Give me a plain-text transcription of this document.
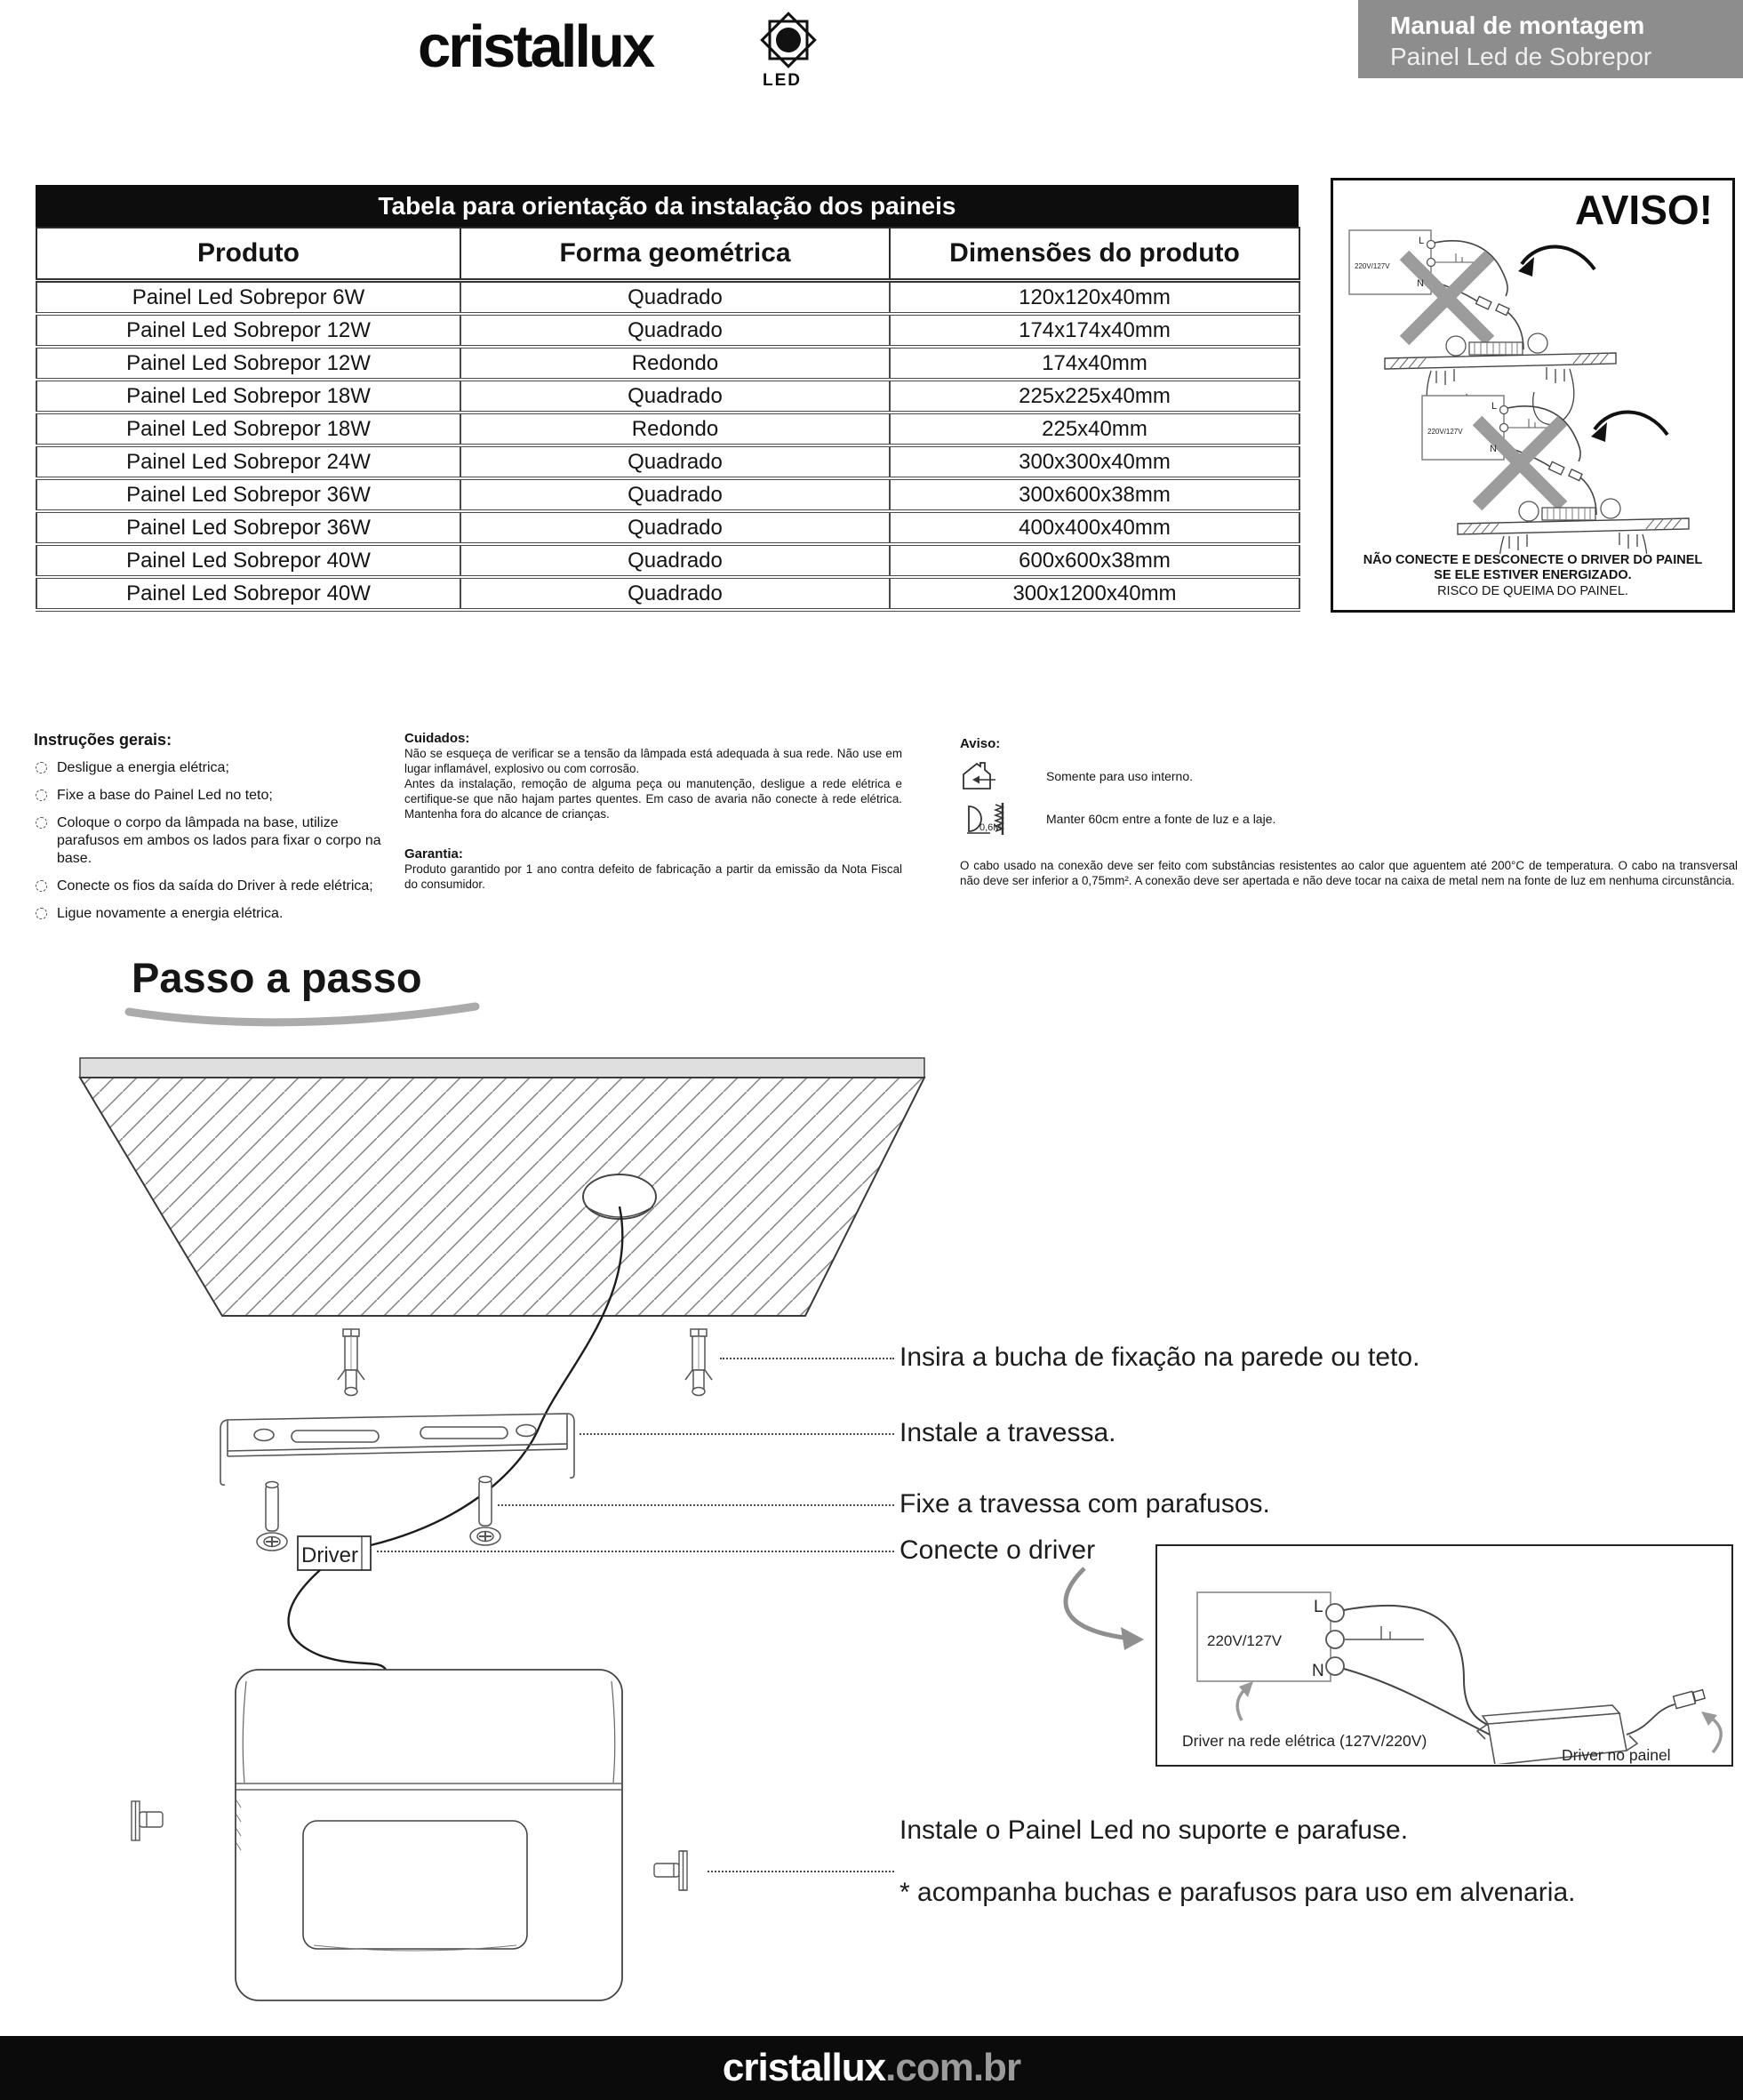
cristallux
LED
Manual de montagem
Painel Led de Sobrepor
Tabela para orientação da instalação dos paineis
Produto	Forma geométrica	Dimensões do produto
Painel Led Sobrepor 6W	Quadrado	120x120x40mm
Painel Led Sobrepor 12W	Quadrado	174x174x40mm
Painel Led Sobrepor 12W	Redondo	174x40mm
Painel Led Sobrepor 18W	Quadrado	225x225x40mm
Painel Led Sobrepor 18W	Redondo	225x40mm
Painel Led Sobrepor 24W	Quadrado	300x300x40mm
Painel Led Sobrepor 36W	Quadrado	300x600x38mm
Painel Led Sobrepor 36W	Quadrado	400x400x40mm
Painel Led Sobrepor 40W	Quadrado	600x600x38mm
Painel Led Sobrepor 40W	Quadrado	300x1200x40mm
AVISO!
220V/127V
L
N
220V/127V
L
N
NÃO CONECTE E DESCONECTE O DRIVER DO PAINEL SE ELE ESTIVER ENERGIZADO.
RISCO DE QUEIMA DO PAINEL.
Instruções gerais:
Desligue a energia elétrica;
Fixe a base do Painel Led no teto;
Coloque o corpo da lâmpada na base, utilize parafusos em ambos os lados para fixar o corpo na base.
Conecte os fios da saída do Driver à rede elétrica;
Ligue novamente a energia elétrica.
Cuidados:
Não se esqueça de verificar se a tensão da lâmpada está adequada à sua rede. Não use em lugar inflamável, explosivo ou com corrosão.
Antes da instalação, remoção de alguma peça ou manutenção, desligue a rede elétrica e certifique-se que não hajam partes quentes. Em caso de avaria não conecte à rede elétrica. Mantenha fora do alcance de crianças.
Garantia:
Produto garantido por 1 ano contra defeito de fabricação a partir da emissão da Nota Fiscal do consumidor.
Aviso:
Somente para uso interno.
0,6M
Manter 60cm entre a fonte de luz e a laje.
O cabo usado na conexão deve ser feito com substâncias resistentes ao calor que aguentem até 200°C de temperatura. O cabo na transversal não deve ser inferior a 0,75mm². A conexão deve ser apertada e não deve tocar na caixa de metal nem na fonte de luz em nenhuma circunstância.
Passo a passo
Driver
Insira a bucha de fixação na parede ou teto.
Instale a travessa.
Fixe a travessa com parafusos.
Conecte o driver
Instale o Painel Led no suporte e parafuse.
* acompanha buchas e parafusos para uso em alvenaria.
220V/127V
L
N
Driver na rede elétrica (127V/220V)
Driver no painel
cristallux .com.br
